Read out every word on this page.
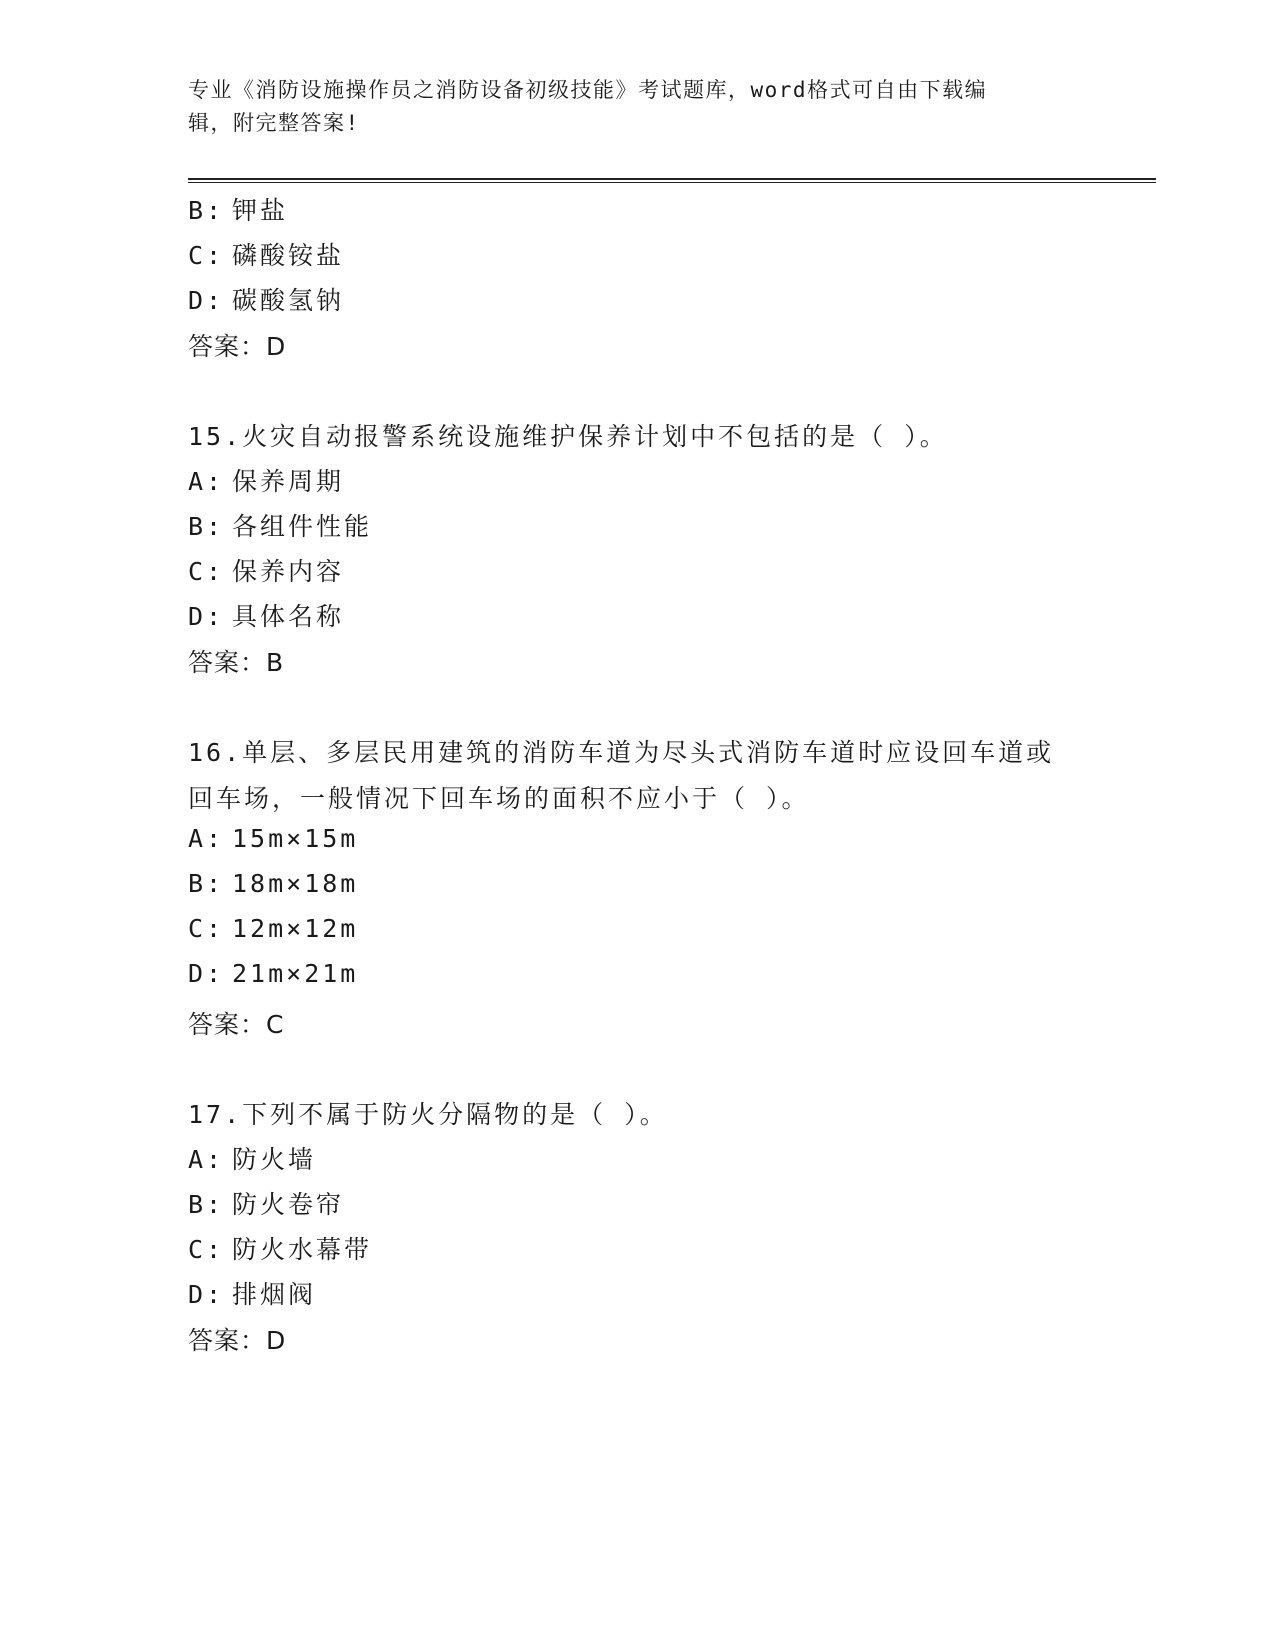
专业《消防设施操作员之消防设备初级技能》考试题库，word格式可自由下载编
辑，附完整答案!
B: 钾盐
C: 磷酸铵盐
D: 碳酸氢钠
答案：D
15.火灾自动报警系统设施维护保养计划中不包括的是（ ）。
A: 保养周期
B: 各组件性能
C: 保养内容
D: 具体名称
答案：B
16.单层、多层民用建筑的消防车道为尽头式消防车道时应设回车道或
回车场，一般情况下回车场的面积不应小于（ ）。
A: 15m×15m
B: 18m×18m
C: 12m×12m
D: 21m×21m
答案：C
17.下列不属于防火分隔物的是（ ）。
A: 防火墙
B: 防火卷帘
C: 防火水幕带
D: 排烟阀
答案：D
